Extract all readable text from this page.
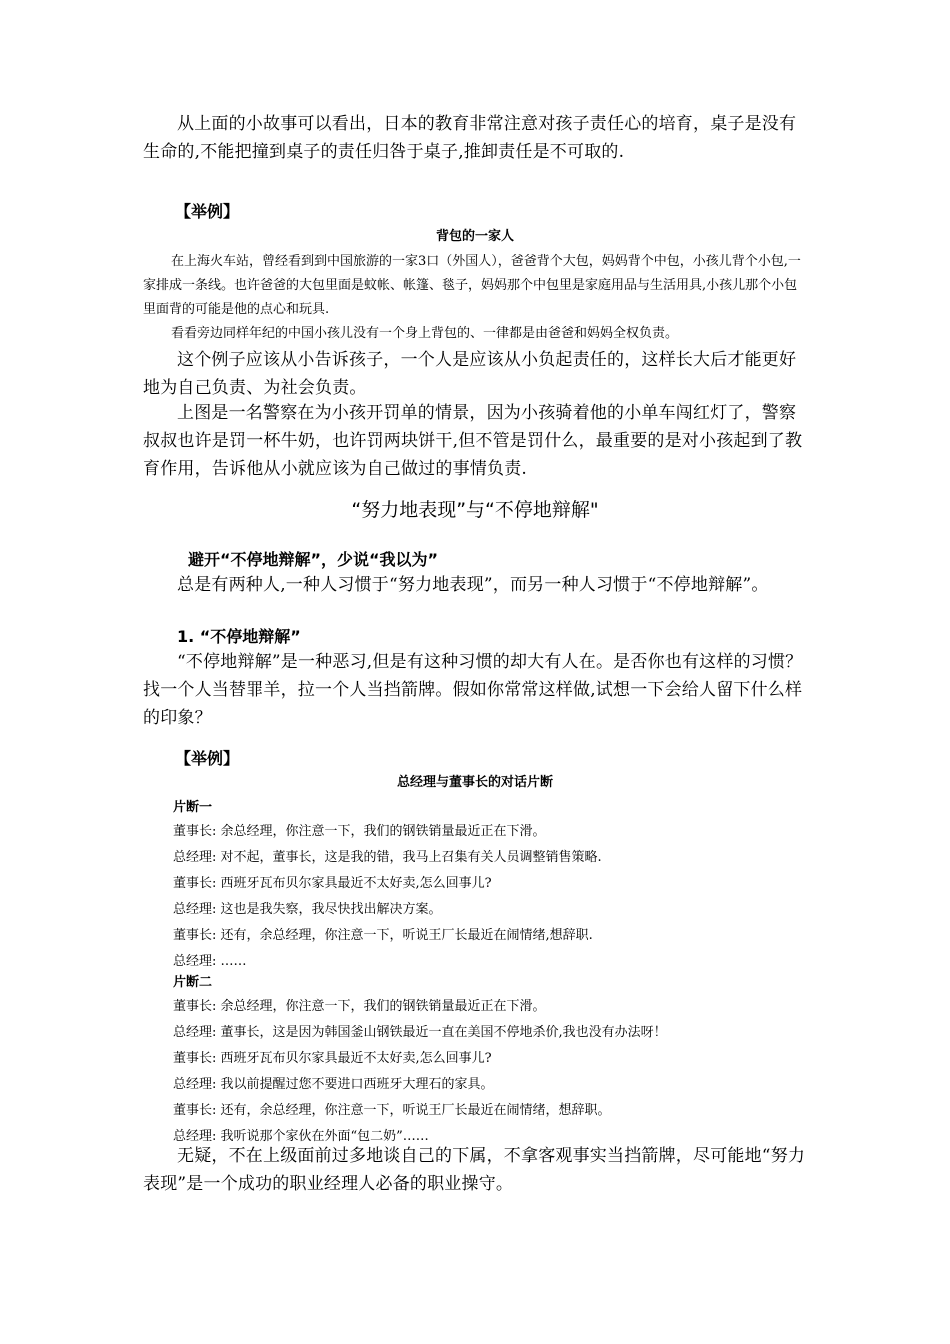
从上面的小故事可以看出，日本的教育非常注意对孩子责任心的培育，桌子是没有生命的,不能把撞到桌子的责任归咎于桌子,推卸责任是不可取的.

【举例】
背包的一家人

在上海火车站，曾经看到到中国旅游的一家3口（外国人），爸爸背个大包，妈妈背个中包，小孩儿背个小包,一家排成一条线。也许爸爸的大包里面是蚊帐、帐篷、毯子，妈妈那个中包里是家庭用品与生活用具,小孩儿那个小包里面背的可能是他的点心和玩具.

看看旁边同样年纪的中国小孩儿没有一个身上背包的、一律都是由爸爸和妈妈全权负责。

这个例子应该从小告诉孩子，一个人是应该从小负起责任的，这样长大后才能更好地为自己负责、为社会负责。

上图是一名警察在为小孩开罚单的情景，因为小孩骑着他的小单车闯红灯了，警察叔叔也许是罚一杯牛奶，也许罚两块饼干,但不管是罚什么，最重要的是对小孩起到了教育作用，告诉他从小就应该为自己做过的事情负责.

“努力地表现”与“不停地辩解"
避开“不停地辩解”，少说“我以为”

总是有两种人,一种人习惯于“努力地表现”，而另一种人习惯于“不停地辩解”。

1. “不停地辩解”

“不停地辩解”是一种恶习,但是有这种习惯的却大有人在。是否你也有这样的习惯？找一个人当替罪羊，拉一个人当挡箭牌。假如你常常这样做,试想一下会给人留下什么样的印象？

【举例】
总经理与董事长的对话片断
片断一
董事长: 余总经理，你注意一下，我们的钢铁销量最近正在下滑。
总经理: 对不起，董事长，这是我的错，我马上召集有关人员调整销售策略.
董事长: 西班牙瓦布贝尔家具最近不太好卖,怎么回事儿?
总经理: 这也是我失察，我尽快找出解决方案。
董事长: 还有，余总经理，你注意一下，听说王厂长最近在闹情绪,想辞职.
总经理: ……
片断二
董事长: 余总经理，你注意一下，我们的钢铁销量最近正在下滑。
总经理: 董事长，这是因为韩国釜山钢铁最近一直在美国不停地杀价,我也没有办法呀！
董事长: 西班牙瓦布贝尔家具最近不太好卖,怎么回事儿?
总经理: 我以前提醒过您不要进口西班牙大理石的家具。
董事长: 还有，余总经理，你注意一下，听说王厂长最近在闹情绪，想辞职。
总经理: 我听说那个家伙在外面“包二奶”……

无疑，不在上级面前过多地谈自己的下属，不拿客观事实当挡箭牌，尽可能地“努力表现”是一个成功的职业经理人必备的职业操守。
